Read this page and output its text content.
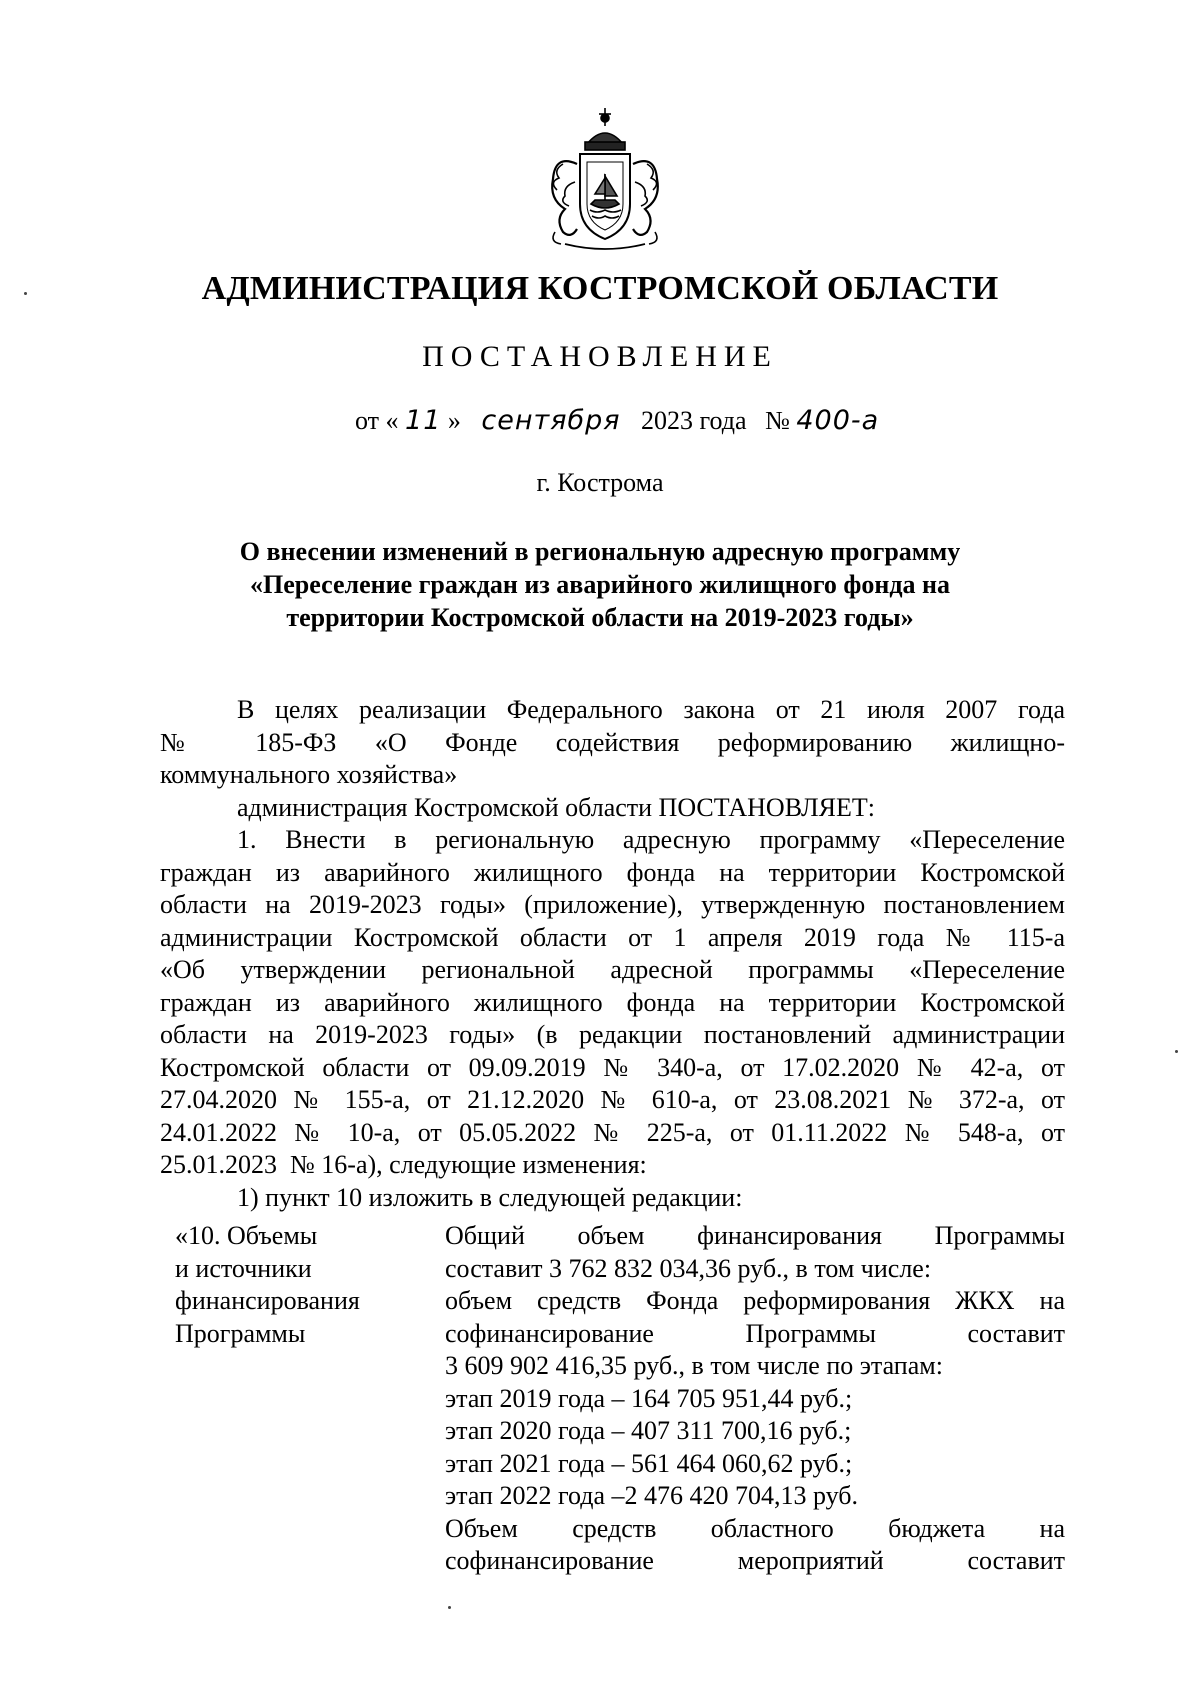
АДМИНИСТРАЦИЯ КОСТРОМСКОЙ ОБЛАСТИ
ПОСТАНОВЛЕНИЕ
от « 11 » сентября 2023 года № 400-а
г. Кострома
О внесении изменений в региональную адресную программу
«Переселение граждан из аварийного жилищного фонда на
территории Костромской области на 2019-2023 годы»
В целях реализации Федерального закона от 21 июля 2007 года
№ 185-ФЗ «О Фонде содействия реформированию жилищно-
коммунального хозяйства»
администрация Костромской области ПОСТАНОВЛЯЕТ:
1. Внести в региональную адресную программу «Переселение
граждан из аварийного жилищного фонда на территории Костромской
области на 2019-2023 годы» (приложение), утвержденную постановлением
администрации Костромской области от 1 апреля 2019 года № 115-а
«Об утверждении региональной адресной программы «Переселение
граждан из аварийного жилищного фонда на территории Костромской
области на 2019-2023 годы» (в редакции постановлений администрации
Костромской области от 09.09.2019 № 340-а, от 17.02.2020 № 42-а, от
27.04.2020 № 155-а, от 21.12.2020 № 610-а, от 23.08.2021 № 372-а, от
24.01.2022 № 10-а, от 05.05.2022 № 225-а, от 01.11.2022 № 548-а, от
25.01.2023  № 16-а), следующие изменения:
1) пункт 10 изложить в следующей редакции:
«10. Объемы
и источники
финансирования
Программы
Общий объем финансирования Программы
составит 3 762 832 034,36 руб., в том числе:
объем средств Фонда реформирования ЖКХ на
софинансирование Программы составит
3 609 902 416,35 руб., в том числе по этапам:
этап 2019 года – 164 705 951,44 руб.;
этап 2020 года – 407 311 700,16 руб.;
этап 2021 года – 561 464 060,62 руб.;
этап 2022 года –2 476 420 704,13 руб.
Объем средств областного бюджета на
софинансирование мероприятий составит
